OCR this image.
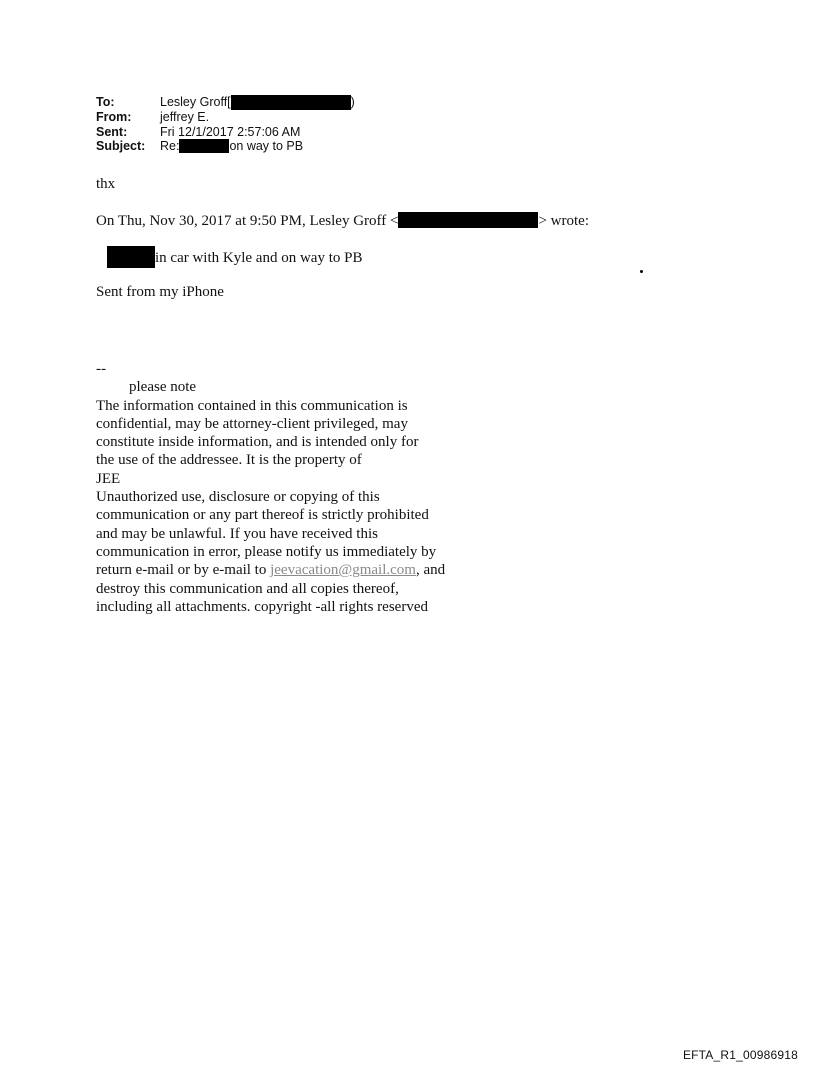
To:	Lesley Groff[	)
From:	jeffrey E.
Sent:	Fri 12/1/2017 2:57:06 AM
Subject:	Re:	on way to PB
thx
On Thu, Nov 30, 2017 at 9:50 PM, Lesley Groff <	> wrote:
in car with Kyle and on way to PB
Sent from my iPhone
--
please note
The information contained in this communication is
confidential, may be attorney-client privileged, may
constitute inside information, and is intended only for
the use of the addressee. It is the property of
JEE
Unauthorized use, disclosure or copying of this
communication or any part thereof is strictly prohibited
and may be unlawful. If you have received this
communication in error, please notify us immediately by
return e-mail or by e-mail to jeevacation@gmail.com, and
destroy this communication and all copies thereof,
including all attachments. copyright -all rights reserved
EFTA_R1_00986918
